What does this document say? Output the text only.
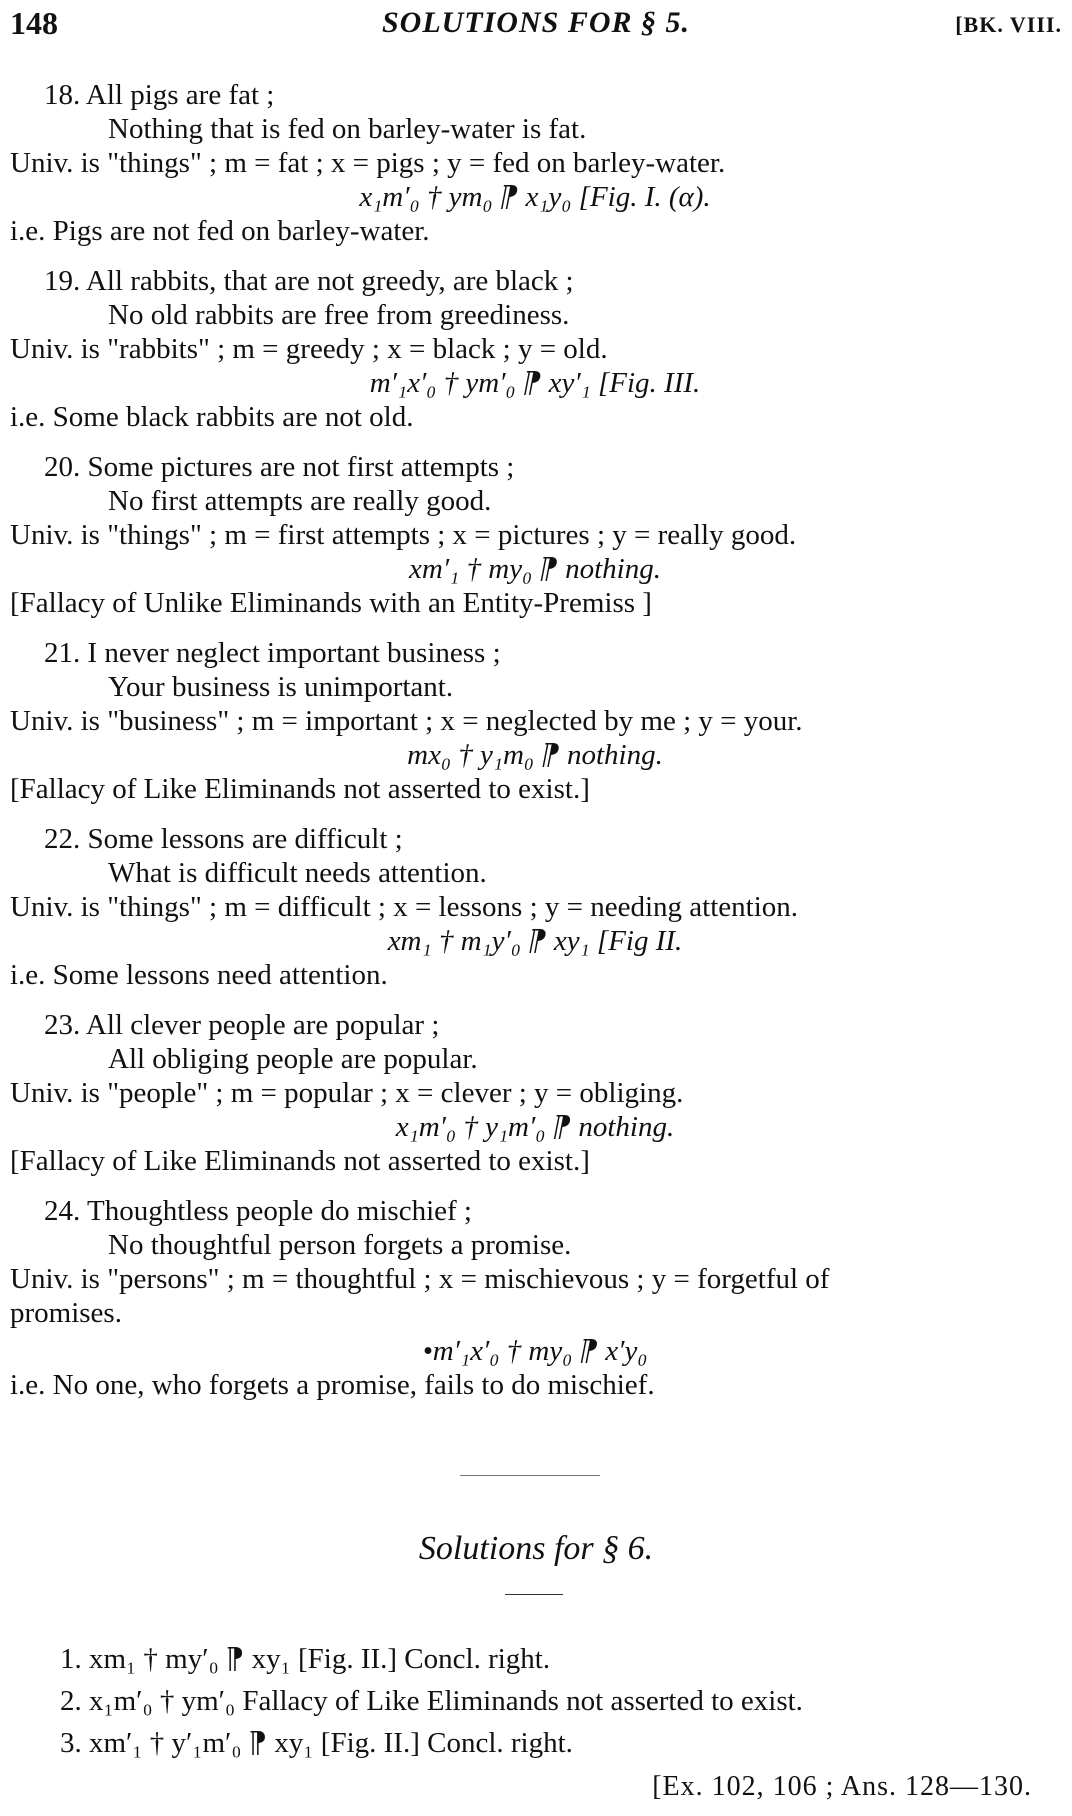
148	SOLUTIONS FOR § 5.	[BK. VIII.
18. All pigs are fat ;
Nothing that is fed on barley-water is fat.
Univ. is "things" ; m = fat ; x = pigs ; y = fed on barley-water.
x₁m′₀ † ym₀ ⁋ x₁y₀ [Fig. I. (α).
i.e. Pigs are not fed on barley-water.
19. All rabbits, that are not greedy, are black ;
No old rabbits are free from greediness.
Univ. is "rabbits" ; m = greedy ; x = black ; y = old.
m′₁x′₀ † ym′₀ ⁋ xy′₁ [Fig. III.
i.e. Some black rabbits are not old.
20. Some pictures are not first attempts ;
No first attempts are really good.
Univ. is "things" ; m = first attempts ; x = pictures ; y = really good.
xm′₁ † my₀ ⁋ nothing.
[Fallacy of Unlike Eliminands with an Entity-Premiss ]
21. I never neglect important business ;
Your business is unimportant.
Univ. is "business" ; m = important ; x = neglected by me ; y = your.
mx₀ † y₁m₀ ⁋ nothing.
[Fallacy of Like Eliminands not asserted to exist.]
22. Some lessons are difficult ;
What is difficult needs attention.
Univ. is "things" ; m = difficult ; x = lessons ; y = needing attention.
xm₁ † m₁y′₀ ⁋ xy₁ [Fig II.
i.e. Some lessons need attention.
23. All clever people are popular ;
All obliging people are popular.
Univ. is "people" ; m = popular ; x = clever ; y = obliging.
x₁m′₀ † y₁m′₀ ⁋ nothing.
[Fallacy of Like Eliminands not asserted to exist.]
24. Thoughtless people do mischief ;
No thoughtful person forgets a promise.
Univ. is "persons" ; m = thoughtful ; x = mischievous ; y = forgetful of
promises.
•m′₁x′₀ † my₀ ⁋ x′y₀
i.e. No one, who forgets a promise, fails to do mischief.
Solutions for § 6.
1. xm₁ † my′₀ ⁋ xy₁ [Fig. II.] Concl. right.
2. x₁m′₀ † ym′₀ Fallacy of Like Eliminands not asserted to exist.
3. xm′₁ † y′₁m′₀ ⁋ xy₁ [Fig. II.] Concl. right.
[Ex. 102, 106 ; Ans. 128—130.
